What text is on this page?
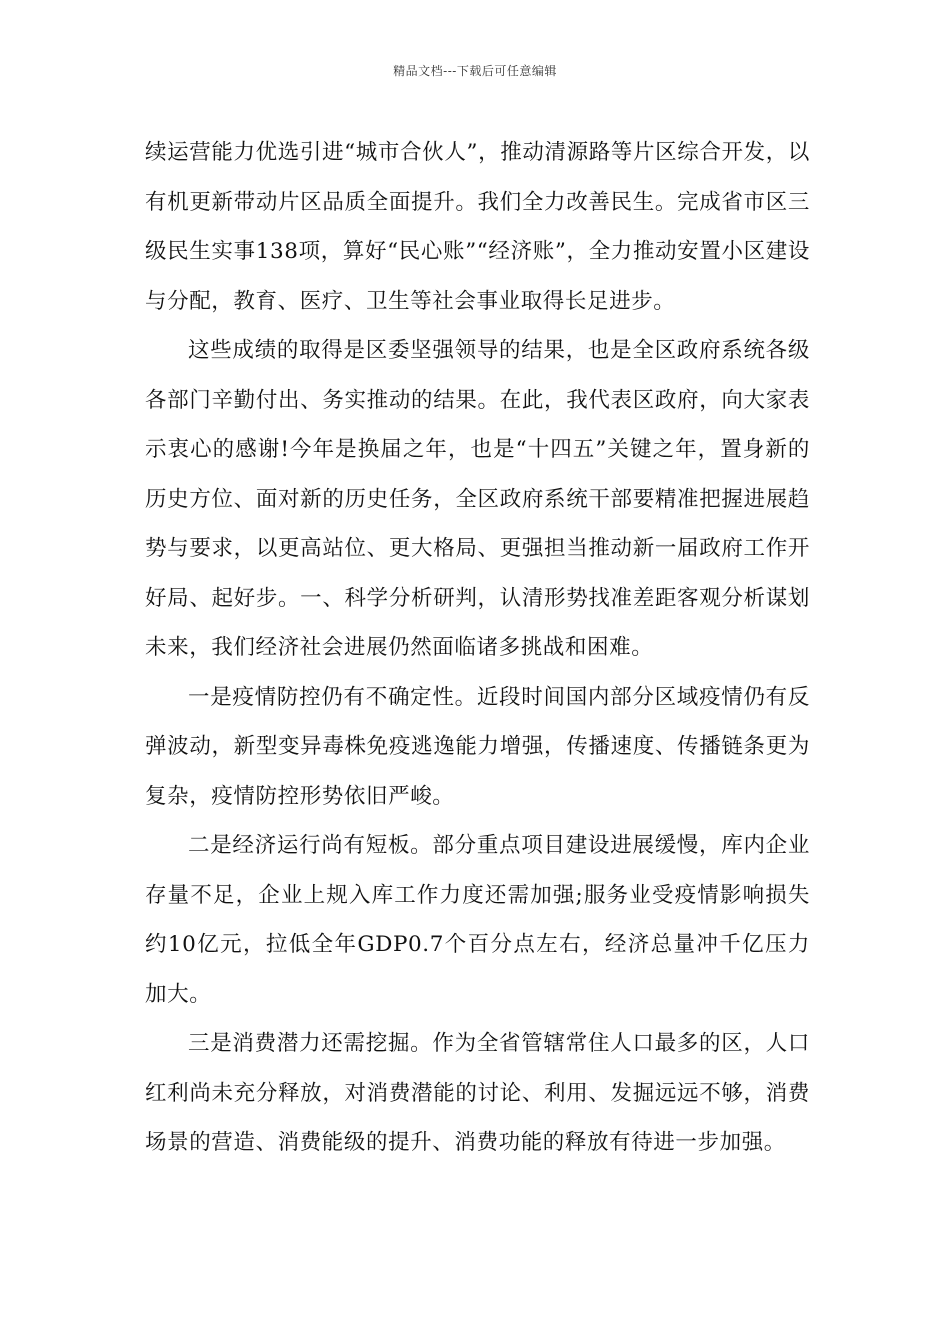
精品文档---下载后可任意编辑

续运营能力优选引进“城市合伙人”，推动清源路等片区综合开发，以有机更新带动片区品质全面提升。我们全力改善民生。完成省市区三级民生实事138项，算好“民心账”“经济账”，全力推动安置小区建设与分配，教育、医疗、卫生等社会事业取得长足进步。

这些成绩的取得是区委坚强领导的结果，也是全区政府系统各级各部门辛勤付出、务实推动的结果。在此，我代表区政府，向大家表示衷心的感谢!今年是换届之年，也是“十四五”关键之年，置身新的历史方位、面对新的历史任务，全区政府系统干部要精准把握进展趋势与要求，以更高站位、更大格局、更强担当推动新一届政府工作开好局、起好步。一、科学分析研判，认清形势找准差距客观分析谋划未来，我们经济社会进展仍然面临诸多挑战和困难。

一是疫情防控仍有不确定性。近段时间国内部分区域疫情仍有反弹波动，新型变异毒株免疫逃逸能力增强，传播速度、传播链条更为复杂，疫情防控形势依旧严峻。

二是经济运行尚有短板。部分重点项目建设进展缓慢，库内企业存量不足，企业上规入库工作力度还需加强;服务业受疫情影响损失约10亿元，拉低全年GDP0.7个百分点左右，经济总量冲千亿压力加大。

三是消费潜力还需挖掘。作为全省管辖常住人口最多的区，人口红利尚未充分释放，对消费潜能的讨论、利用、发掘远远不够，消费场景的营造、消费能级的提升、消费功能的释放有待进一步加强。
